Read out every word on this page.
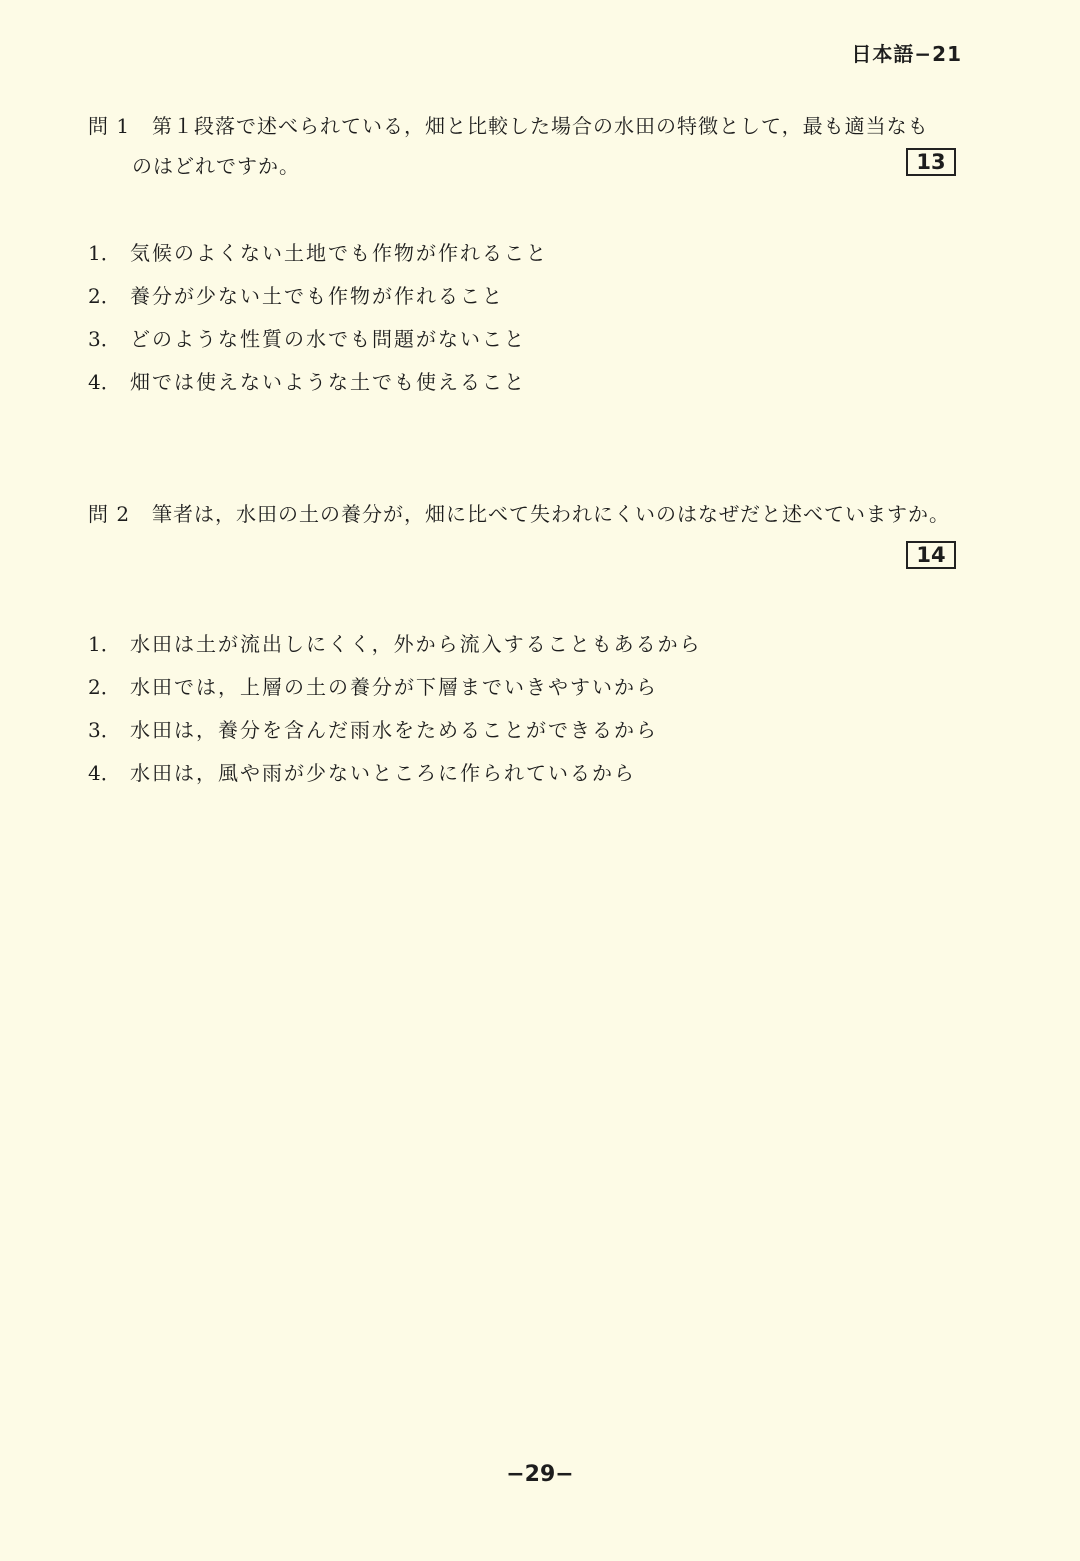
日本語−21
問 1 第１段落で述べられている，畑と比較した場合の水田の特徴として，最も適当なも
のはどれですか。	13
1． 気候のよくない土地でも作物が作れること
2． 養分が少ない土でも作物が作れること
3． どのような性質の水でも問題がないこと
4． 畑では使えないような土でも使えること
問 2 筆者は，水田の土の養分が，畑に比べて失われにくいのはなぜだと述べていますか。
14
1． 水田は土が流出しにくく，外から流入することもあるから
2． 水田では，上層の土の養分が下層までいきやすいから
3． 水田は，養分を含んだ雨水をためることができるから
4． 水田は，風や雨が少ないところに作られているから
−29−
